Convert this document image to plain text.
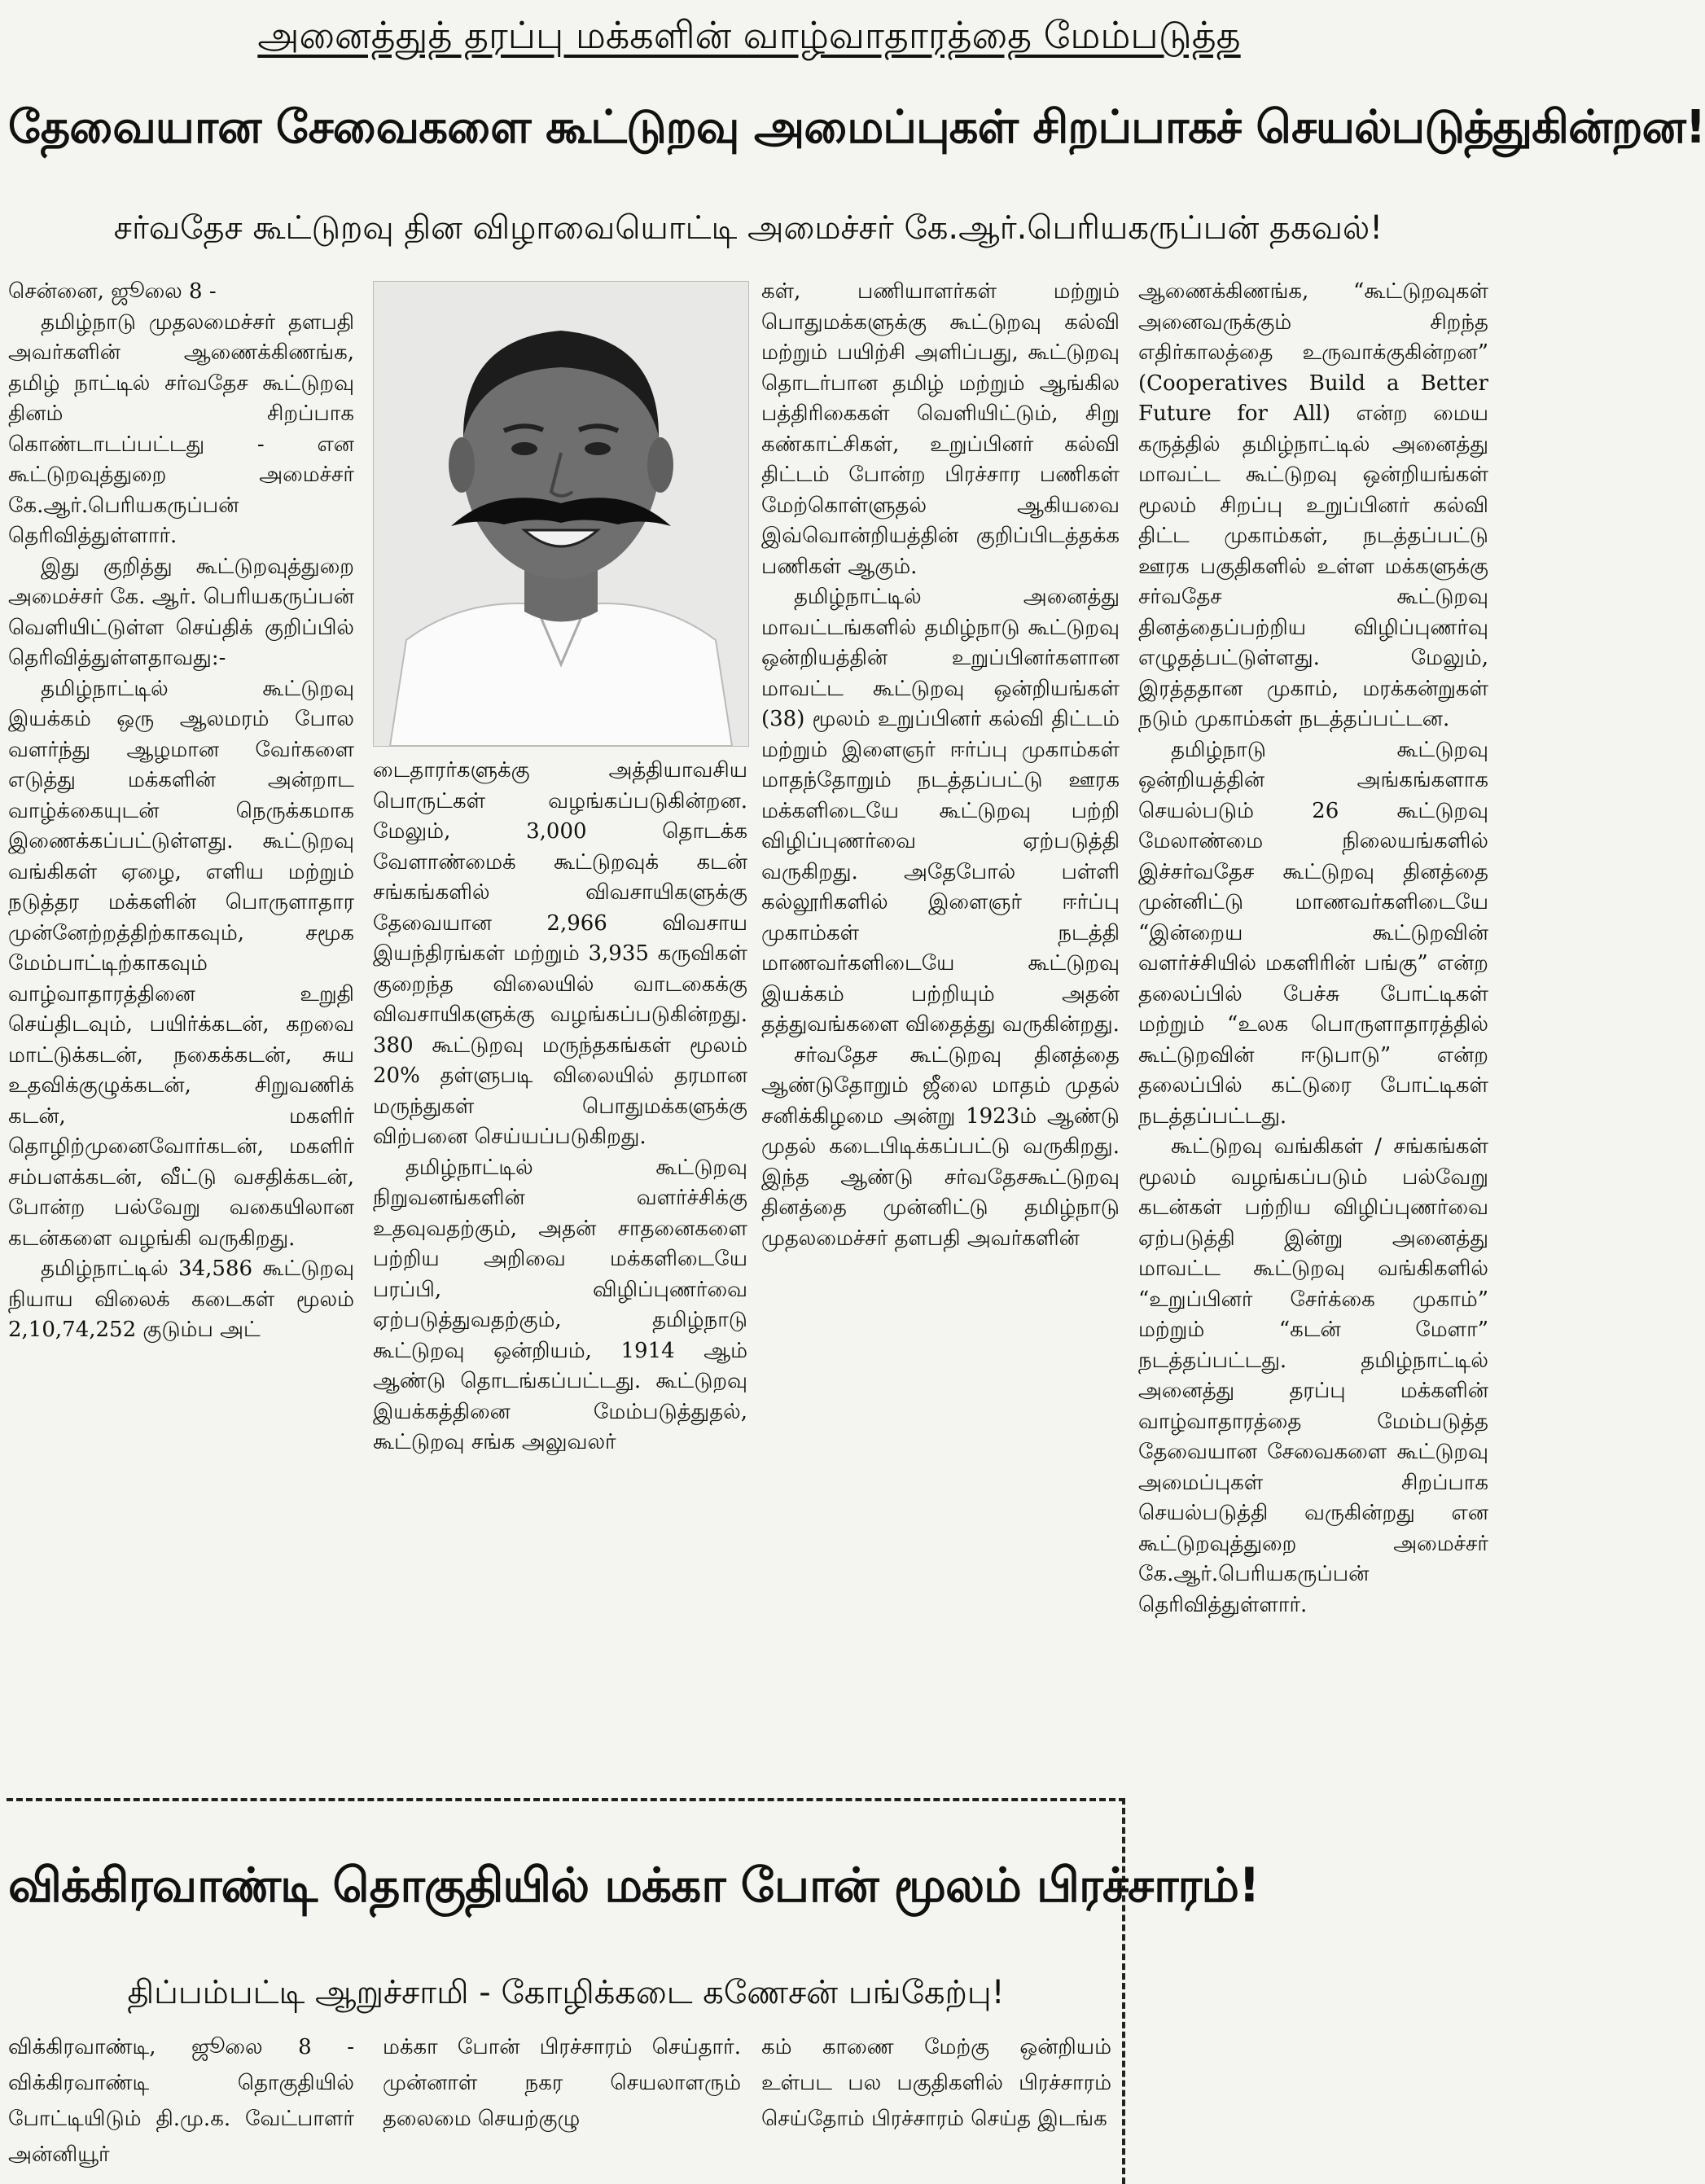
அனைத்துத் தரப்பு மக்களின் வாழ்வாதாரத்தை மேம்படுத்த
தேவையான சேவைகளை கூட்டுறவு அமைப்புகள் சிறப்பாகச் செயல்படுத்துகின்றன!
சர்வதேச கூட்டுறவு தின விழாவையொட்டி அமைச்சர் கே.ஆர்.பெரியகருப்பன் தகவல்!

சென்னை, ஜூலை 8 -

தமிழ்நாடு முதலமைச்சர் தளபதி அவர்களின் ஆணைக்கிணங்க, தமிழ் நாட்டில் சர்வதேச கூட்டுறவு தினம் சிறப்பாக கொண்டாடப்பட்டது - என கூட்டுறவுத்துறை அமைச்சர் கே.ஆர்.பெரியகருப்பன் தெரிவித்துள்ளார்.

இது குறித்து கூட்டுறவுத்துறை அமைச்சர் கே. ஆர். பெரியகருப்பன் வெளியிட்டுள்ள செய்திக் குறிப்பில் தெரிவித்துள்ளதாவது:-

தமிழ்நாட்டில் கூட்டுறவு இயக்கம் ஒரு ஆலமரம் போல வளர்ந்து ஆழமான வேர்களை எடுத்து மக்களின் அன்றாட வாழ்க்கையுடன் நெருக்கமாக இணைக்கப்பட்டுள்ளது. கூட்டுறவு வங்கிகள் ஏழை, எளிய மற்றும் நடுத்தர மக்களின் பொருளாதார முன்னேற்றத்திற்காகவும், சமூக மேம்பாட்டிற்காகவும் வாழ்வாதாரத்தினை உறுதி செய்திடவும், பயிர்க்கடன், கறவை மாட்டுக்கடன், நகைக்கடன், சுய உதவிக்குழுக்கடன், சிறுவணிக் கடன், மகளிர் தொழிற்முனைவோர்கடன், மகளிர் சம்பளக்கடன், வீட்டு வசதிக்கடன், போன்ற பல்வேறு வகையிலான கடன்களை வழங்கி வருகிறது.

தமிழ்நாட்டில் 34,586 கூட்டுறவு நியாய விலைக் கடைகள் மூலம் 2,10,74,252 குடும்ப அட்

டைதாரர்களுக்கு அத்தியாவசிய பொருட்கள் வழங்கப்படுகின்றன. மேலும், 3,000 தொடக்க வேளாண்மைக் கூட்டுறவுக் கடன் சங்கங்களில் விவசாயிகளுக்கு தேவையான 2,966 விவசாய இயந்திரங்கள் மற்றும் 3,935 கருவிகள் குறைந்த விலையில் வாடகைக்கு விவசாயிகளுக்கு வழங்கப்படுகின்றது. 380 கூட்டுறவு மருந்தகங்கள் மூலம் 20% தள்ளுபடி விலையில் தரமான மருந்துகள் பொதுமக்களுக்கு விற்பனை செய்யப்படுகிறது.

தமிழ்நாட்டில் கூட்டுறவு நிறுவனங்களின் வளர்ச்சிக்கு உதவுவதற்கும், அதன் சாதனைகளை பற்றிய அறிவை மக்களிடையே பரப்பி, விழிப்புணர்வை ஏற்படுத்துவதற்கும், தமிழ்நாடு கூட்டுறவு ஒன்றியம், 1914 ஆம் ஆண்டு தொடங்கப்பட்டது. கூட்டுறவு இயக்கத்தினை மேம்படுத்துதல், கூட்டுறவு சங்க அலுவலர்

கள், பணியாளர்கள் மற்றும் பொதுமக்களுக்கு கூட்டுறவு கல்வி மற்றும் பயிற்சி அளிப்பது, கூட்டுறவு தொடர்பான தமிழ் மற்றும் ஆங்கில பத்திரிகைகள் வெளியிட்டும், சிறு கண்காட்சிகள், உறுப்பினர் கல்வி திட்டம் போன்ற பிரச்சார பணிகள் மேற்கொள்ளுதல் ஆகியவை இவ்வொன்றியத்தின் குறிப்பிடத்தக்க பணிகள் ஆகும்.

தமிழ்நாட்டில் அனைத்து மாவட்டங்களில் தமிழ்நாடு கூட்டுறவு ஒன்றியத்தின் உறுப்பினர்களான மாவட்ட கூட்டுறவு ஒன்றியங்கள் (38) மூலம் உறுப்பினர் கல்வி திட்டம் மற்றும் இளைஞர் ஈர்ப்பு முகாம்கள் மாதந்தோறும் நடத்தப்பட்டு ஊரக மக்களிடையே கூட்டுறவு பற்றி விழிப்புணர்வை ஏற்படுத்தி வருகிறது. அதேபோல் பள்ளி கல்லூரிகளில் இளைஞர் ஈர்ப்பு முகாம்கள் நடத்தி மாணவர்களிடையே கூட்டுறவு இயக்கம் பற்றியும் அதன் தத்துவங்களை விதைத்து வருகின்றது.

சர்வதேச கூட்டுறவு தினத்தை ஆண்டுதோறும் ஜீலை மாதம் முதல் சனிக்கிழமை அன்று 1923ம் ஆண்டு முதல் கடைபிடிக்கப்பட்டு வருகிறது. இந்த ஆண்டு சர்வதேசகூட்டுறவு தினத்தை முன்னிட்டு தமிழ்நாடு முதலமைச்சர் தளபதி அவர்களின்

ஆணைக்கிணங்க, “கூட்டுறவுகள் அனைவருக்கும் சிறந்த எதிர்காலத்தை உருவாக்குகின்றன” (Cooperatives Build a Better Future for All) என்ற மைய கருத்தில் தமிழ்நாட்டில் அனைத்து மாவட்ட கூட்டுறவு ஒன்றியங்கள் மூலம் சிறப்பு உறுப்பினர் கல்வி திட்ட முகாம்கள், நடத்தப்பட்டு ஊரக பகுதிகளில் உள்ள மக்களுக்கு சர்வதேச கூட்டுறவு தினத்தைப்பற்றிய விழிப்புணர்வு எழுதத்பட்டுள்ளது. மேலும், இரத்ததான முகாம், மரக்கன்றுகள் நடும் முகாம்கள் நடத்தப்பட்டன.

தமிழ்நாடு கூட்டுறவு ஒன்றியத்தின் அங்கங்களாக செயல்படும் 26 கூட்டுறவு மேலாண்மை நிலையங்களில் இச்சர்வதேச கூட்டுறவு தினத்தை முன்னிட்டு மாணவர்களிடையே “இன்றைய கூட்டுறவின் வளர்ச்சியில் மகளிரின் பங்கு” என்ற தலைப்பில் பேச்சு போட்டிகள் மற்றும் “உலக பொருளாதாரத்தில் கூட்டுறவின் ஈடுபாடு” என்ற தலைப்பில் கட்டுரை போட்டிகள் நடத்தப்பட்டது.

கூட்டுறவு வங்கிகள் / சங்கங்கள் மூலம் வழங்கப்படும் பல்வேறு கடன்கள் பற்றிய விழிப்புணர்வை ஏற்படுத்தி இன்று அனைத்து மாவட்ட கூட்டுறவு வங்கிகளில் “உறுப்பினர் சேர்க்கை முகாம்” மற்றும் “கடன் மேளா” நடத்தப்பட்டது. தமிழ்நாட்டில் அனைத்து தரப்பு மக்களின் வாழ்வாதாரத்தை மேம்படுத்த தேவையான சேவைகளை கூட்டுறவு அமைப்புகள் சிறப்பாக செயல்படுத்தி வருகின்றது என கூட்டுறவுத்துறை அமைச்சர் கே.ஆர்.பெரியகருப்பன் தெரிவித்துள்ளார்.

விக்கிரவாண்டி தொகுதியில் மக்கா போன் மூலம் பிரச்சாரம்!
திப்பம்பட்டி ஆறுச்சாமி - கோழிக்கடை கணேசன் பங்கேற்பு!

விக்கிரவாண்டி, ஜூலை 8 - விக்கிரவாண்டி தொகுதியில் போட்டியிடும் தி.மு.க. வேட்பாளர் அன்னியூர்

மக்கா போன் பிரச்சாரம் செய்தார். முன்னாள் நகர செயலாளரும் தலைமை செயற்குழு

கம் காணை மேற்கு ஒன்றியம் உள்பட பல பகுதிகளில் பிரச்சாரம் செய்தோம் பிரச்சாரம் செய்த இடங்க
